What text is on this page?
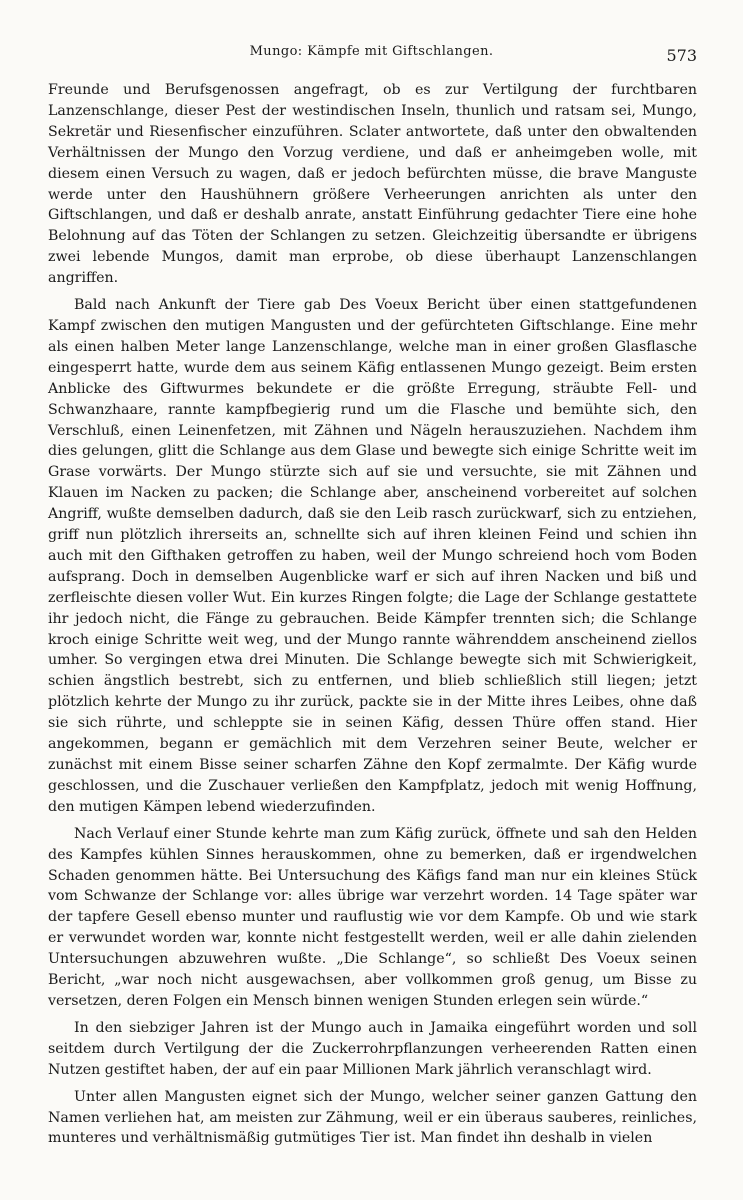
Mungo: Kämpfe mit Giftschlangen.	573

Freunde und Berufsgenossen angefragt, ob es zur Vertilgung der furchtbaren Lanzenschlange, dieser Pest der westindischen Inseln, thunlich und ratsam sei, Mungo, Sekretär und Riesenfischer einzuführen. Sclater antwortete, daß unter den obwaltenden Verhältnissen der Mungo den Vorzug verdiene, und daß er anheimgeben wolle, mit diesem einen Versuch zu wagen, daß er jedoch befürchten müsse, die brave Manguste werde unter den Haushühnern größere Verheerungen anrichten als unter den Giftschlangen, und daß er deshalb anrate, anstatt Einführung gedachter Tiere eine hohe Belohnung auf das Töten der Schlangen zu setzen. Gleichzeitig übersandte er übrigens zwei lebende Mungos, damit man erprobe, ob diese überhaupt Lanzenschlangen angriffen.

Bald nach Ankunft der Tiere gab Des Voeux Bericht über einen stattgefundenen Kampf zwischen den mutigen Mangusten und der gefürchteten Giftschlange. Eine mehr als einen halben Meter lange Lanzenschlange, welche man in einer großen Glasflasche eingesperrt hatte, wurde dem aus seinem Käfig entlassenen Mungo gezeigt. Beim ersten Anblicke des Giftwurmes bekundete er die größte Erregung, sträubte Fell- und Schwanzhaare, rannte kampfbegierig rund um die Flasche und bemühte sich, den Verschluß, einen Leinenfetzen, mit Zähnen und Nägeln herauszuziehen. Nachdem ihm dies gelungen, glitt die Schlange aus dem Glase und bewegte sich einige Schritte weit im Grase vorwärts. Der Mungo stürzte sich auf sie und versuchte, sie mit Zähnen und Klauen im Nacken zu packen; die Schlange aber, anscheinend vorbereitet auf solchen Angriff, wußte demselben dadurch, daß sie den Leib rasch zurückwarf, sich zu entziehen, griff nun plötzlich ihrerseits an, schnellte sich auf ihren kleinen Feind und schien ihn auch mit den Gifthaken getroffen zu haben, weil der Mungo schreiend hoch vom Boden aufsprang. Doch in demselben Augenblicke warf er sich auf ihren Nacken und biß und zerfleischte diesen voller Wut. Ein kurzes Ringen folgte; die Lage der Schlange gestattete ihr jedoch nicht, die Fänge zu gebrauchen. Beide Kämpfer trennten sich; die Schlange kroch einige Schritte weit weg, und der Mungo rannte währenddem anscheinend ziellos umher. So vergingen etwa drei Minuten. Die Schlange bewegte sich mit Schwierigkeit, schien ängstlich bestrebt, sich zu entfernen, und blieb schließlich still liegen; jetzt plötzlich kehrte der Mungo zu ihr zurück, packte sie in der Mitte ihres Leibes, ohne daß sie sich rührte, und schleppte sie in seinen Käfig, dessen Thüre offen stand. Hier angekommen, begann er gemächlich mit dem Verzehren seiner Beute, welcher er zunächst mit einem Bisse seiner scharfen Zähne den Kopf zermalmte. Der Käfig wurde geschlossen, und die Zuschauer verließen den Kampfplatz, jedoch mit wenig Hoffnung, den mutigen Kämpen lebend wiederzufinden.

Nach Verlauf einer Stunde kehrte man zum Käfig zurück, öffnete und sah den Helden des Kampfes kühlen Sinnes herauskommen, ohne zu bemerken, daß er irgendwelchen Schaden genommen hätte. Bei Untersuchung des Käfigs fand man nur ein kleines Stück vom Schwanze der Schlange vor: alles übrige war verzehrt worden. 14 Tage später war der tapfere Gesell ebenso munter und rauflustig wie vor dem Kampfe. Ob und wie stark er verwundet worden war, konnte nicht festgestellt werden, weil er alle dahin zielenden Untersuchungen abzuwehren wußte. „Die Schlange“, so schließt Des Voeux seinen Bericht, „war noch nicht ausgewachsen, aber vollkommen groß genug, um Bisse zu versetzen, deren Folgen ein Mensch binnen wenigen Stunden erlegen sein würde.“

In den siebziger Jahren ist der Mungo auch in Jamaika eingeführt worden und soll seitdem durch Vertilgung der die Zuckerrohrpflanzungen verheerenden Ratten einen Nutzen gestiftet haben, der auf ein paar Millionen Mark jährlich veranschlagt wird.

Unter allen Mangusten eignet sich der Mungo, welcher seiner ganzen Gattung den Namen verliehen hat, am meisten zur Zähmung, weil er ein überaus sauberes, reinliches, munteres und verhältnismäßig gutmütiges Tier ist. Man findet ihn deshalb in vielen
